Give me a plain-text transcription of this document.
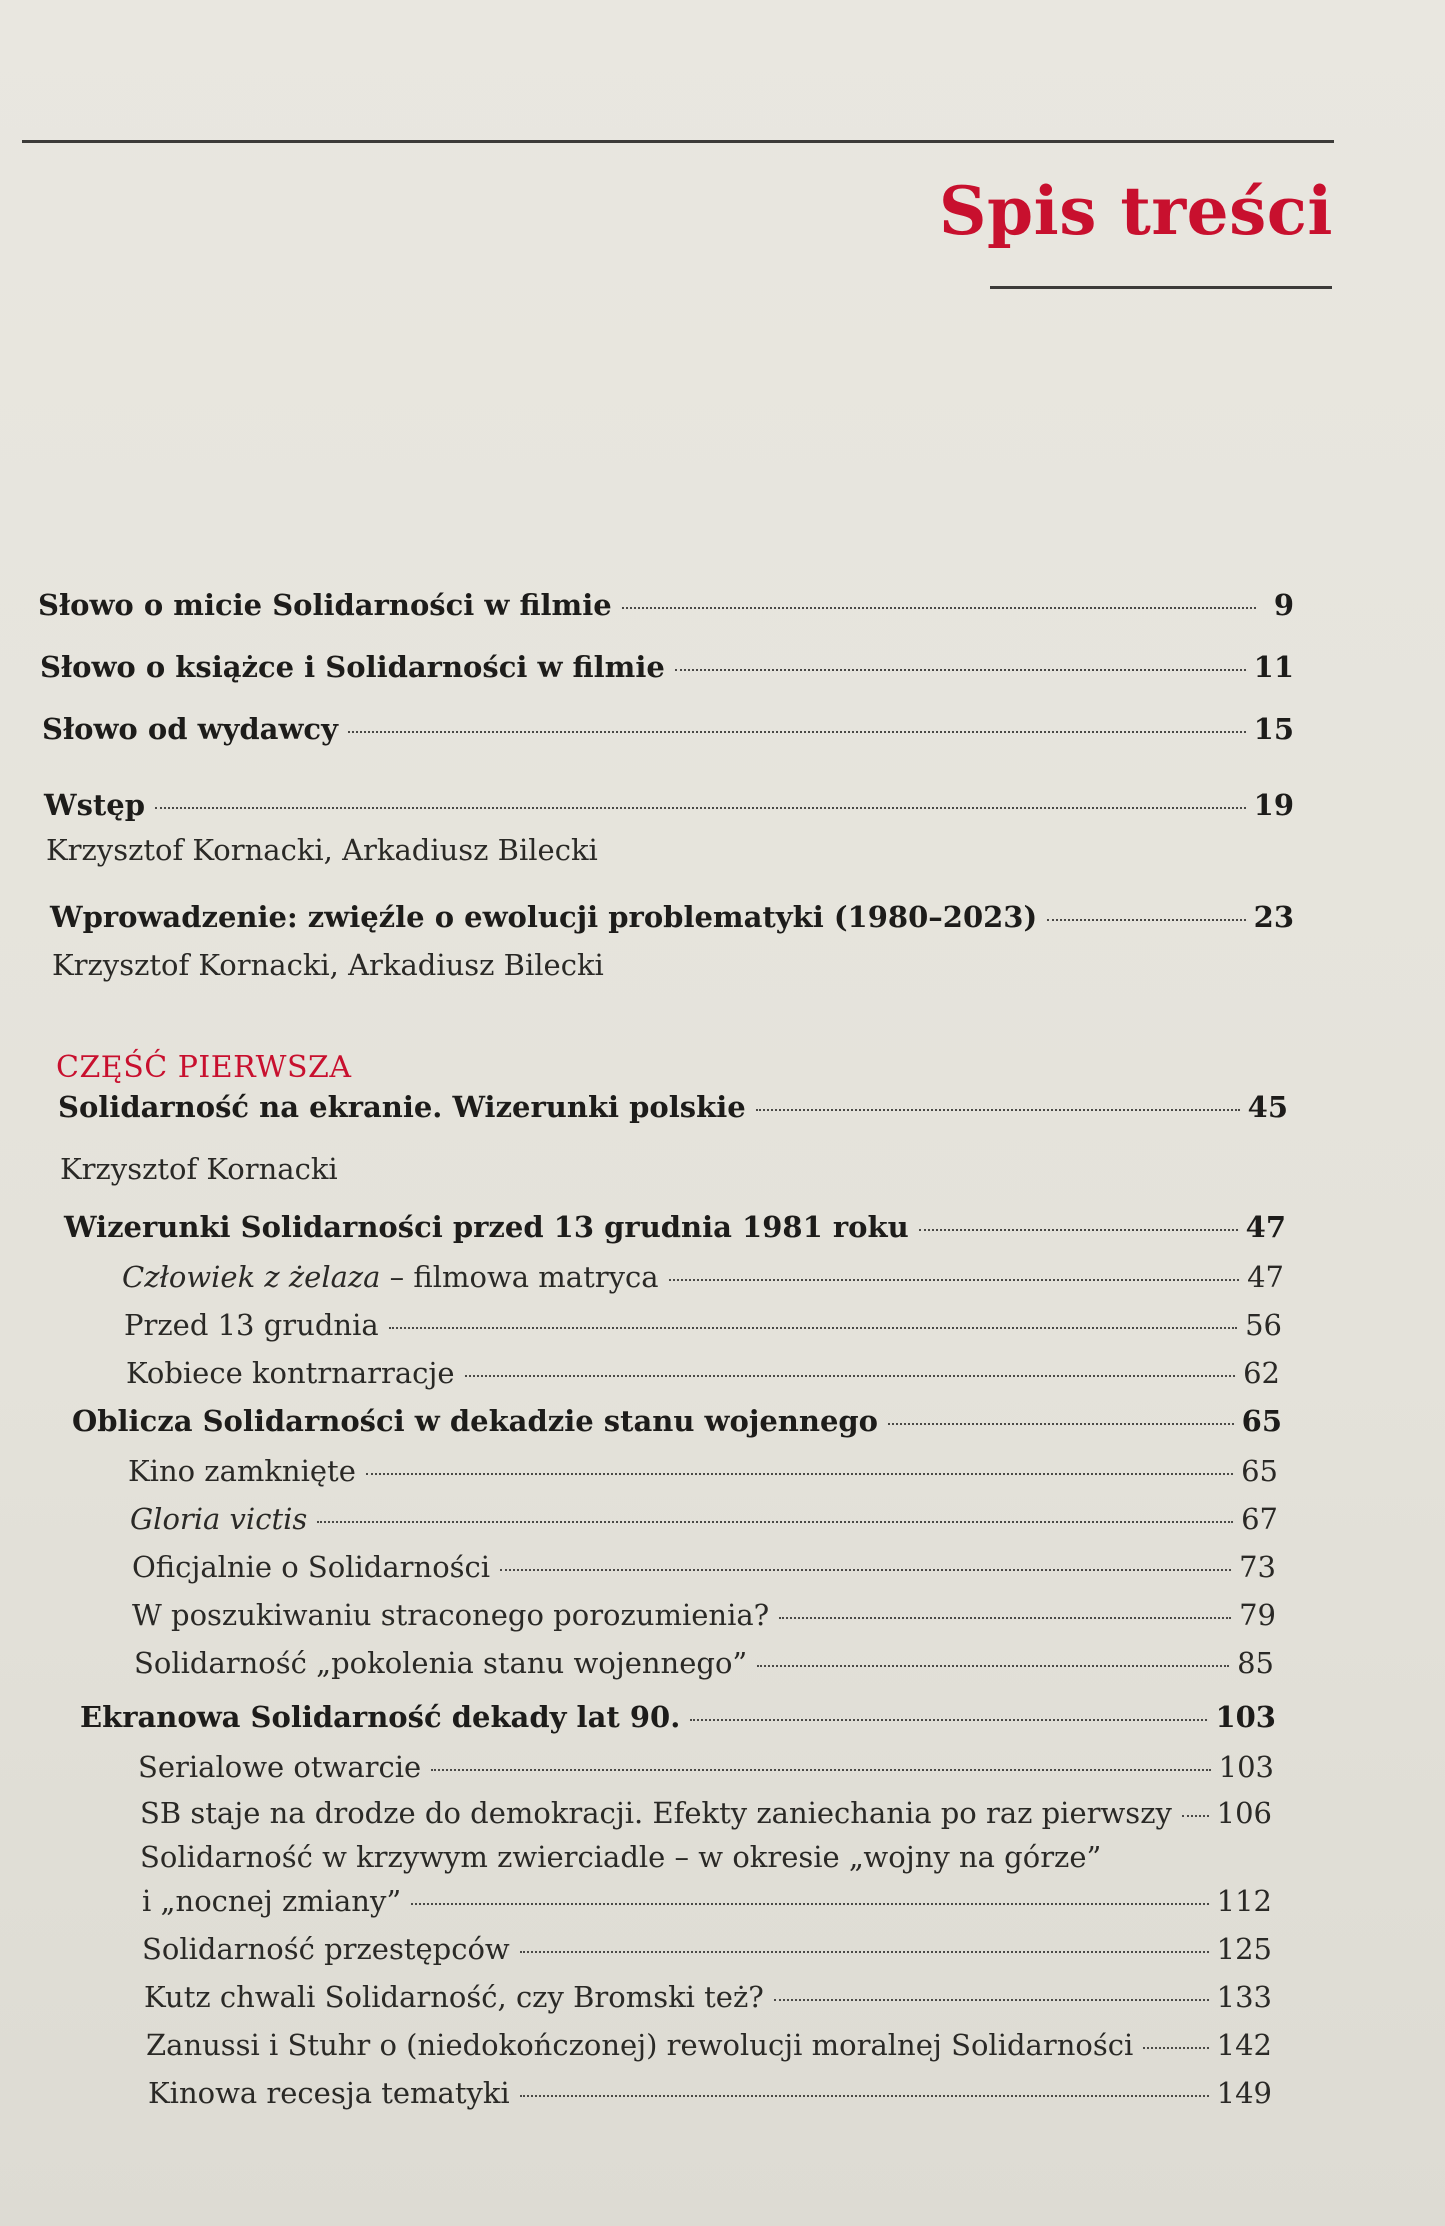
Spis treści
Słowo o micie Solidarności w filmie	9
Słowo o książce i Solidarności w filmie	11
Słowo od wydawcy	15
Wstęp	19
Krzysztof Kornacki, Arkadiusz Bilecki
Wprowadzenie: zwięźle o ewolucji problematyki (1980–2023)	23
Krzysztof Kornacki, Arkadiusz Bilecki
CZĘŚĆ PIERWSZA
Solidarność na ekranie. Wizerunki polskie	45
Krzysztof Kornacki
Wizerunki Solidarności przed 13 grudnia 1981 roku	47
Człowiek z żelaza – filmowa matryca	47
Przed 13 grudnia	56
Kobiece kontrnarracje	62
Oblicza Solidarności w dekadzie stanu wojennego	65
Kino zamknięte	65
Gloria victis	67
Oficjalnie o Solidarności	73
W poszukiwaniu straconego porozumienia?	79
Solidarność „pokolenia stanu wojennego”	85
Ekranowa Solidarność dekady lat 90.	103
Serialowe otwarcie	103
SB staje na drodze do demokracji. Efekty zaniechania po raz pierwszy 106
Solidarność w krzywym zwierciadle – w okresie „wojny na górze”
i „nocnej zmiany”	112
Solidarność przestępców	125
Kutz chwali Solidarność, czy Bromski też?	133
Zanussi i Stuhr o (niedokończonej) rewolucji moralnej Solidarności	142
Kinowa recesja tematyki	149
